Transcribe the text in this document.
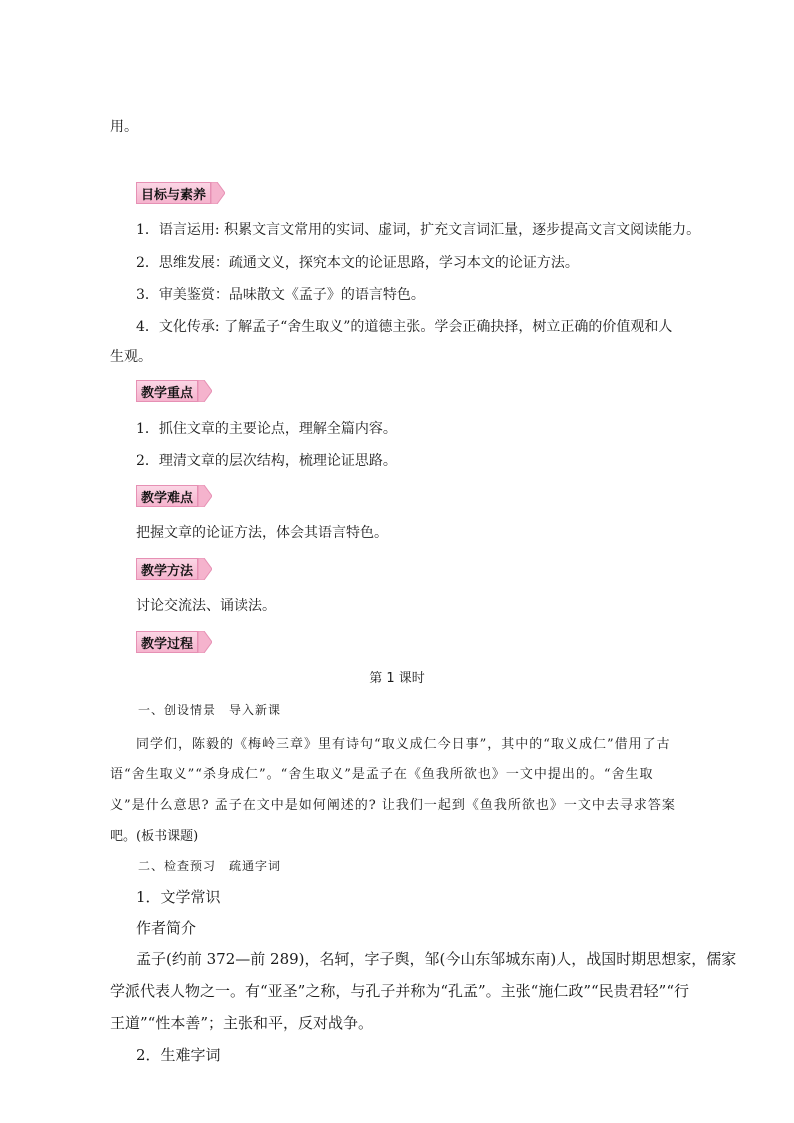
用。
目标与素养
1．语言运用: 积累文言文常用的实词、虚词，扩充文言词汇量，逐步提高文言文阅读能力。
2．思维发展：疏通文义，探究本文的论证思路，学习本文的论证方法。
3．审美鉴赏：品味散文《孟子》的语言特色。
4．文化传承: 了解孟子“舍生取义”的道德主张。学会正确抉择，树立正确的价值观和人
生观。
教学重点
1．抓住文章的主要论点，理解全篇内容。
2．理清文章的层次结构，梳理论证思路。
教学难点
把握文章的论证方法，体会其语言特色。
教学方法
讨论交流法、诵读法。
教学过程
第 1 课时
一、创设情景　导入新课
同学们，陈毅的《梅岭三章》里有诗句“取义成仁今日事”，其中的“取义成仁”借用了古
语“舍生取义”“杀身成仁”。“舍生取义”是孟子在《鱼我所欲也》一文中提出的。“舍生取
义”是什么意思? 孟子在文中是如何阐述的? 让我们一起到《鱼我所欲也》一文中去寻求答案
吧。(板书课题)
二、检查预习　疏通字词
1．文学常识
作者简介
孟子(约前 372—前 289)，名轲，字子舆，邹(今山东邹城东南)人，战国时期思想家，儒家
学派代表人物之一。有“亚圣”之称，与孔子并称为“孔孟”。主张“施仁政”“民贵君轻”“行
王道”“性本善”；主张和平，反对战争。
2．生难字词
